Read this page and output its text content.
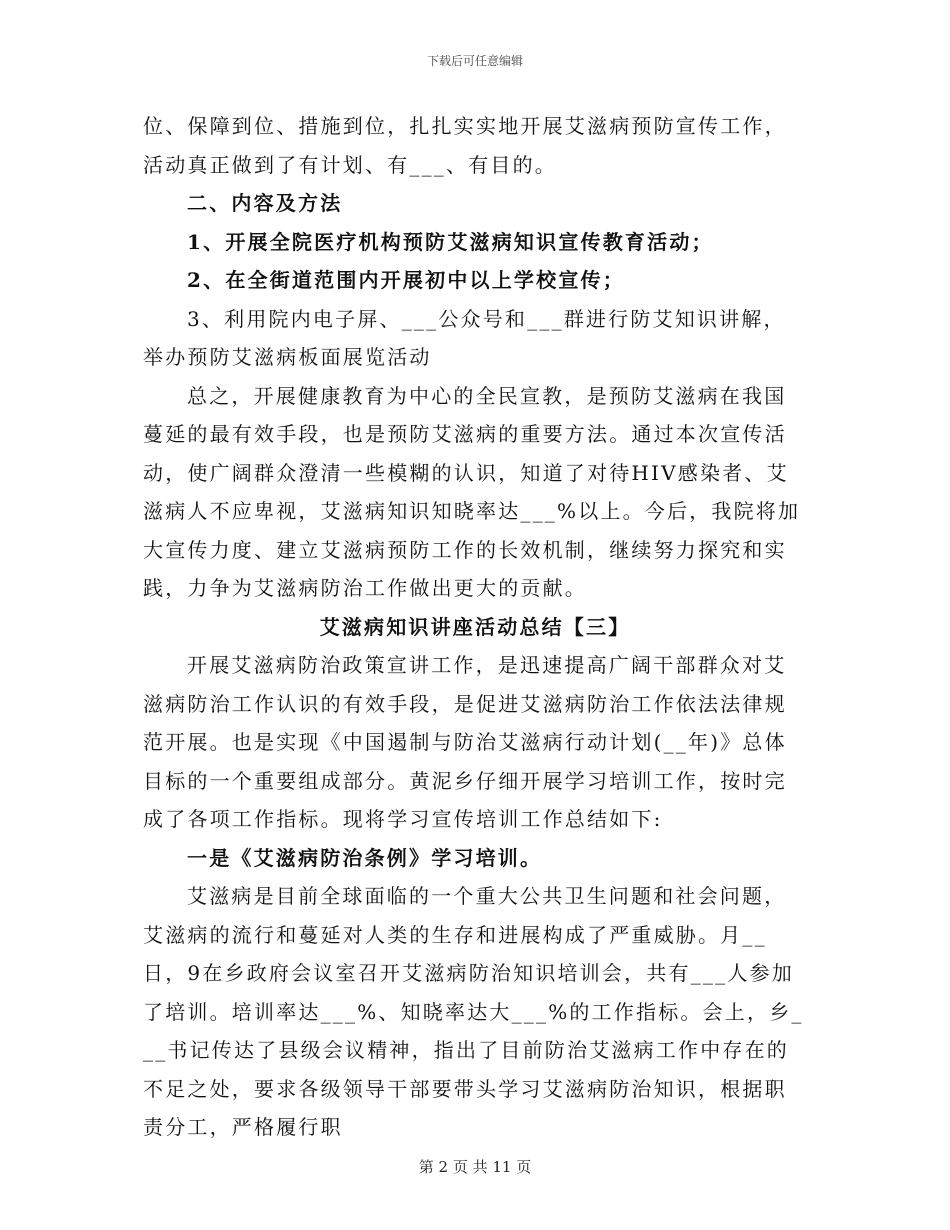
下载后可任意编辑

位、保障到位、措施到位，扎扎实实地开展艾滋病预防宣传工作，活动真正做到了有计划、有___、有目的。

二、内容及方法

1、开展全院医疗机构预防艾滋病知识宣传教育活动；

2、在全街道范围内开展初中以上学校宣传；

3、利用院内电子屏、___公众号和___群进行防艾知识讲解，举办预防艾滋病板面展览活动

总之，开展健康教育为中心的全民宣教，是预防艾滋病在我国蔓延的最有效手段，也是预防艾滋病的重要方法。通过本次宣传活动，使广阔群众澄清一些模糊的认识，知道了对待HIV感染者、艾滋病人不应卑视，艾滋病知识知晓率达___%以上。今后，我院将加大宣传力度、建立艾滋病预防工作的长效机制，继续努力探究和实践，力争为艾滋病防治工作做出更大的贡献。

艾滋病知识讲座活动总结【三】

开展艾滋病防治政策宣讲工作，是迅速提高广阔干部群众对艾滋病防治工作认识的有效手段，是促进艾滋病防治工作依法法律规范开展。也是实现《中国遏制与防治艾滋病行动计划(__年)》总体目标的一个重要组成部分。黄泥乡仔细开展学习培训工作，按时完成了各项工作指标。现将学习宣传培训工作总结如下:

一是《艾滋病防治条例》学习培训。

艾滋病是目前全球面临的一个重大公共卫生问题和社会问题，艾滋病的流行和蔓延对人类的生存和进展构成了严重威胁。月__日，9在乡政府会议室召开艾滋病防治知识培训会，共有___人参加了培训。培训率达___%、知晓率达大___%的工作指标。会上，乡___书记传达了县级会议精神，指出了目前防治艾滋病工作中存在的不足之处，要求各级领导干部要带头学习艾滋病防治知识，根据职责分工，严格履行职

第 2 页 共 11 页
